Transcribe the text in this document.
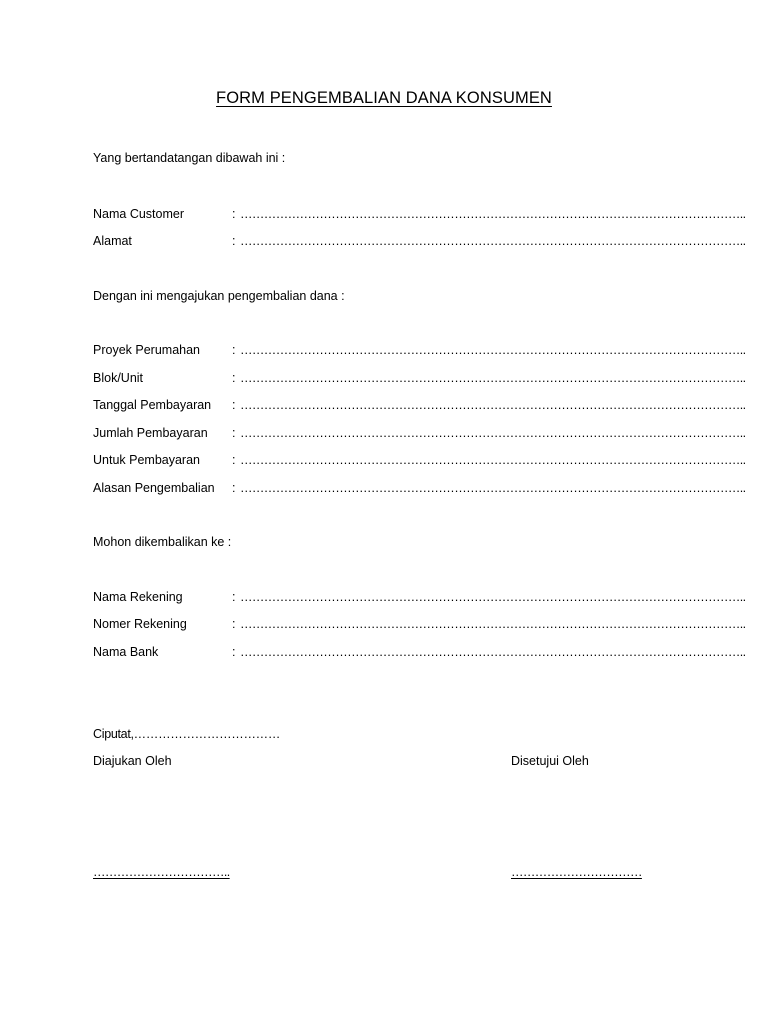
FORM PENGEMBALIAN DANA KONSUMEN
Yang bertandatangan dibawah ini :
Nama Customer	: ………………………………………………………………………………………………………………..
Alamat	: ………………………………………………………………………………………………………………..
Dengan ini mengajukan pengembalian dana :
Proyek Perumahan	: ………………………………………………………………………………………………………………..
Blok/Unit	: ………………………………………………………………………………………………………………..
Tanggal Pembayaran : ………………………………………………………………………………………………………………..
Jumlah Pembayaran : ………………………………………………………………………………………………………………..
Untuk Pembayaran	: ………………………………………………………………………………………………………………..
Alasan Pengembalian : ………………………………………………………………………………………………………………..
Mohon dikembalikan ke :
Nama Rekening	: ………………………………………………………………………………………………………………..
Nomer Rekening	: ………………………………………………………………………………………………………………..
Nama Bank	: ………………………………………………………………………………………………………………..
Ciputat,………………………………
Diajukan Oleh	Disetujui Oleh
……………………………..	……………………………
